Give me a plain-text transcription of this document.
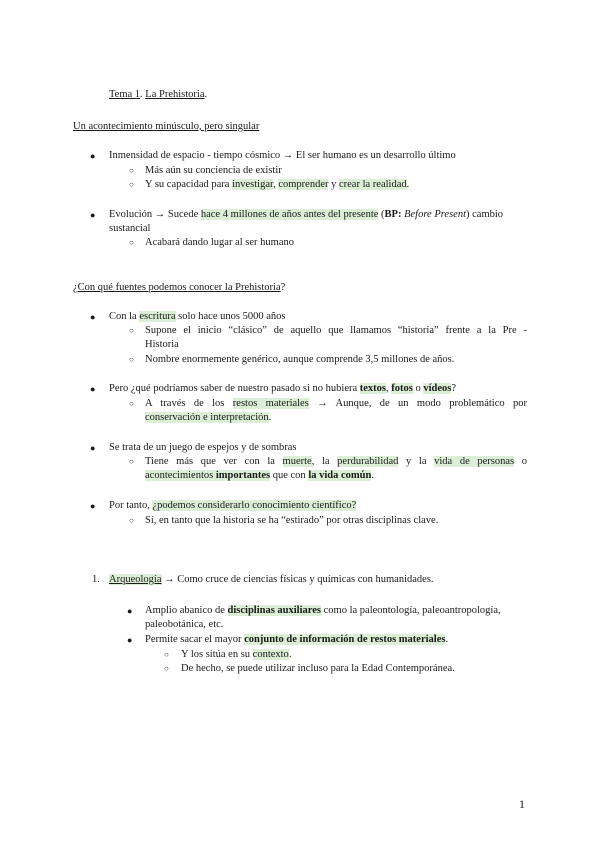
Tema 1. La Prehistoria.
Un acontecimiento minúsculo, pero singular
● Inmensidad de espacio - tiempo cósmico → El ser humano es un desarrollo último
○ Más aún su conciencia de existir
○ Y su capacidad para investigar, comprender y crear la realidad.
● Evolución → Sucede hace 4 millones de años antes del presente (BP: Before Present) cambio
sustancial
○ Acabará dando lugar al ser humano
¿Con qué fuentes podemos conocer la Prehistoria?
● Con la escritura solo hace unos 5000 años
○ Supone el inicio “clásico” de aquello que llamamos “historia” frente a la Pre -
Historia
○ Nombre enormemente genérico, aunque comprende 3,5 millones de años.
● Pero ¿qué podríamos saber de nuestro pasado si no hubiera textos, fotos o vídeos?
○ A través de los restos materiales → Aunque, de un modo problemático por
conservación e interpretación.
● Se trata de un juego de espejos y de sombras
○ Tiene más que ver con la muerte, la perdurabilidad y la vida de personas o
acontecimientos importantes que con la vida común.
● Por tanto, ¿podemos considerarlo conocimiento científico?
○ Sí, en tanto que la historia se ha “estirado” por otras disciplinas clave.
1. Arqueología → Como cruce de ciencias físicas y químicas con humanidades.
● Amplio abanico de disciplinas auxiliares como la paleontología, paleoantropología,
paleobotánica, etc.
● Permite sacar el mayor conjunto de información de restos materiales.
○ Y los sitúa en su contexto.
○ De hecho, se puede utilizar incluso para la Edad Contemporánea.
1
